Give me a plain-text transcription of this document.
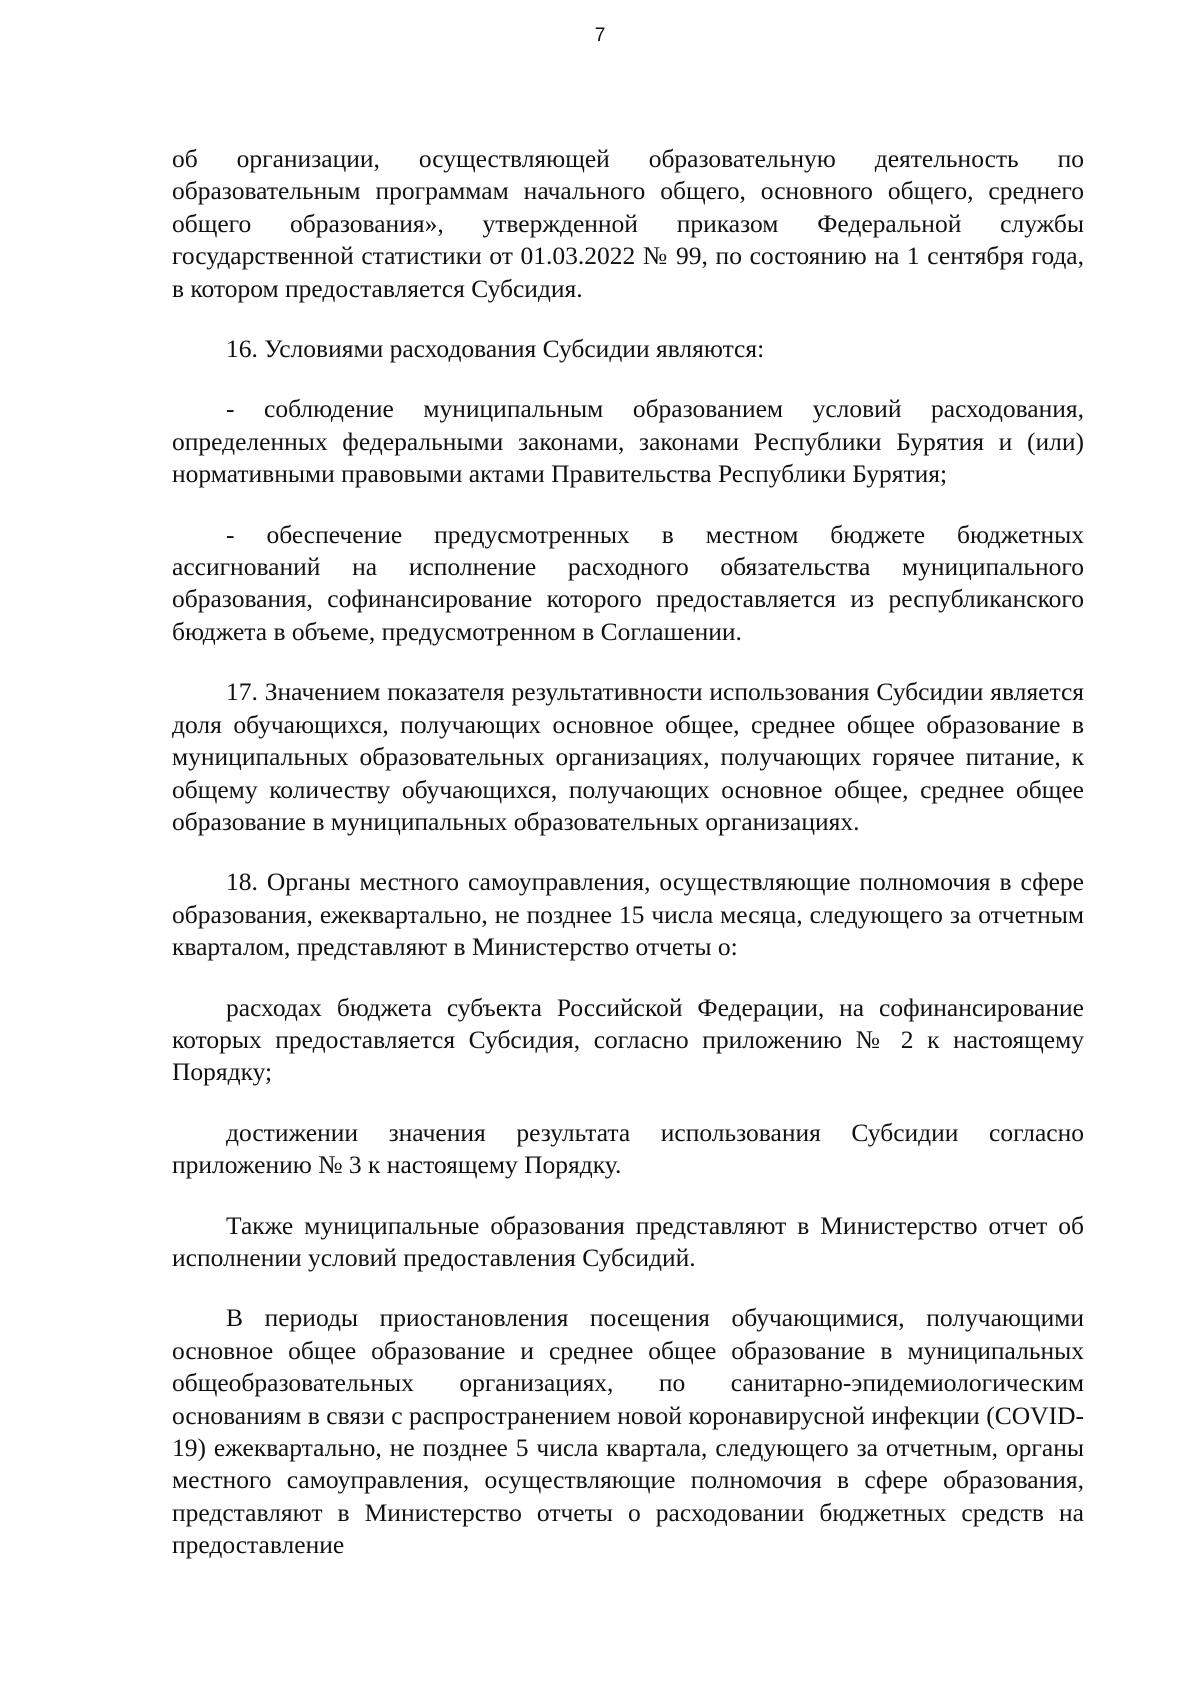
7

об организации, осуществляющей образовательную деятельность по образовательным программам начального общего, основного общего, среднего общего образования», утвержденной приказом Федеральной службы государственной статистики от 01.03.2022 № 99, по состоянию на 1 сентября года, в котором предоставляется Субсидия.

16. Условиями расходования Субсидии являются:

- соблюдение муниципальным образованием условий расходования, определенных федеральными законами, законами Республики Бурятия и (или) нормативными правовыми актами Правительства Республики Бурятия;

- обеспечение предусмотренных в местном бюджете бюджетных ассигнований на исполнение расходного обязательства муниципального образования, софинансирование которого предоставляется из республиканского бюджета в объеме, предусмотренном в Соглашении.

17. Значением показателя результативности использования Субсидии является доля обучающихся, получающих основное общее, среднее общее образование в муниципальных образовательных организациях, получающих горячее питание, к общему количеству обучающихся, получающих основное общее, среднее общее образование в муниципальных образовательных организациях.

18. Органы местного самоуправления, осуществляющие полномочия в сфере образования, ежеквартально, не позднее 15 числа месяца, следующего за отчетным кварталом, представляют в Министерство отчеты о:

расходах бюджета субъекта Российской Федерации, на софинансирование которых предоставляется Субсидия, согласно приложению № 2 к настоящему Порядку;

достижении значения результата использования Субсидии согласно приложению № 3 к настоящему Порядку.

Также муниципальные образования представляют в Министерство отчет об исполнении условий предоставления Субсидий.

В периоды приостановления посещения обучающимися, получающими основное общее образование и среднее общее образование в муниципальных общеобразовательных организациях, по санитарно-эпидемиологическим основаниям в связи с распространением новой коронавирусной инфекции (COVID-19) ежеквартально, не позднее 5 числа квартала, следующего за отчетным, органы местного самоуправления, осуществляющие полномочия в сфере образования, представляют в Министерство отчеты о расходовании бюджетных средств на предоставление
